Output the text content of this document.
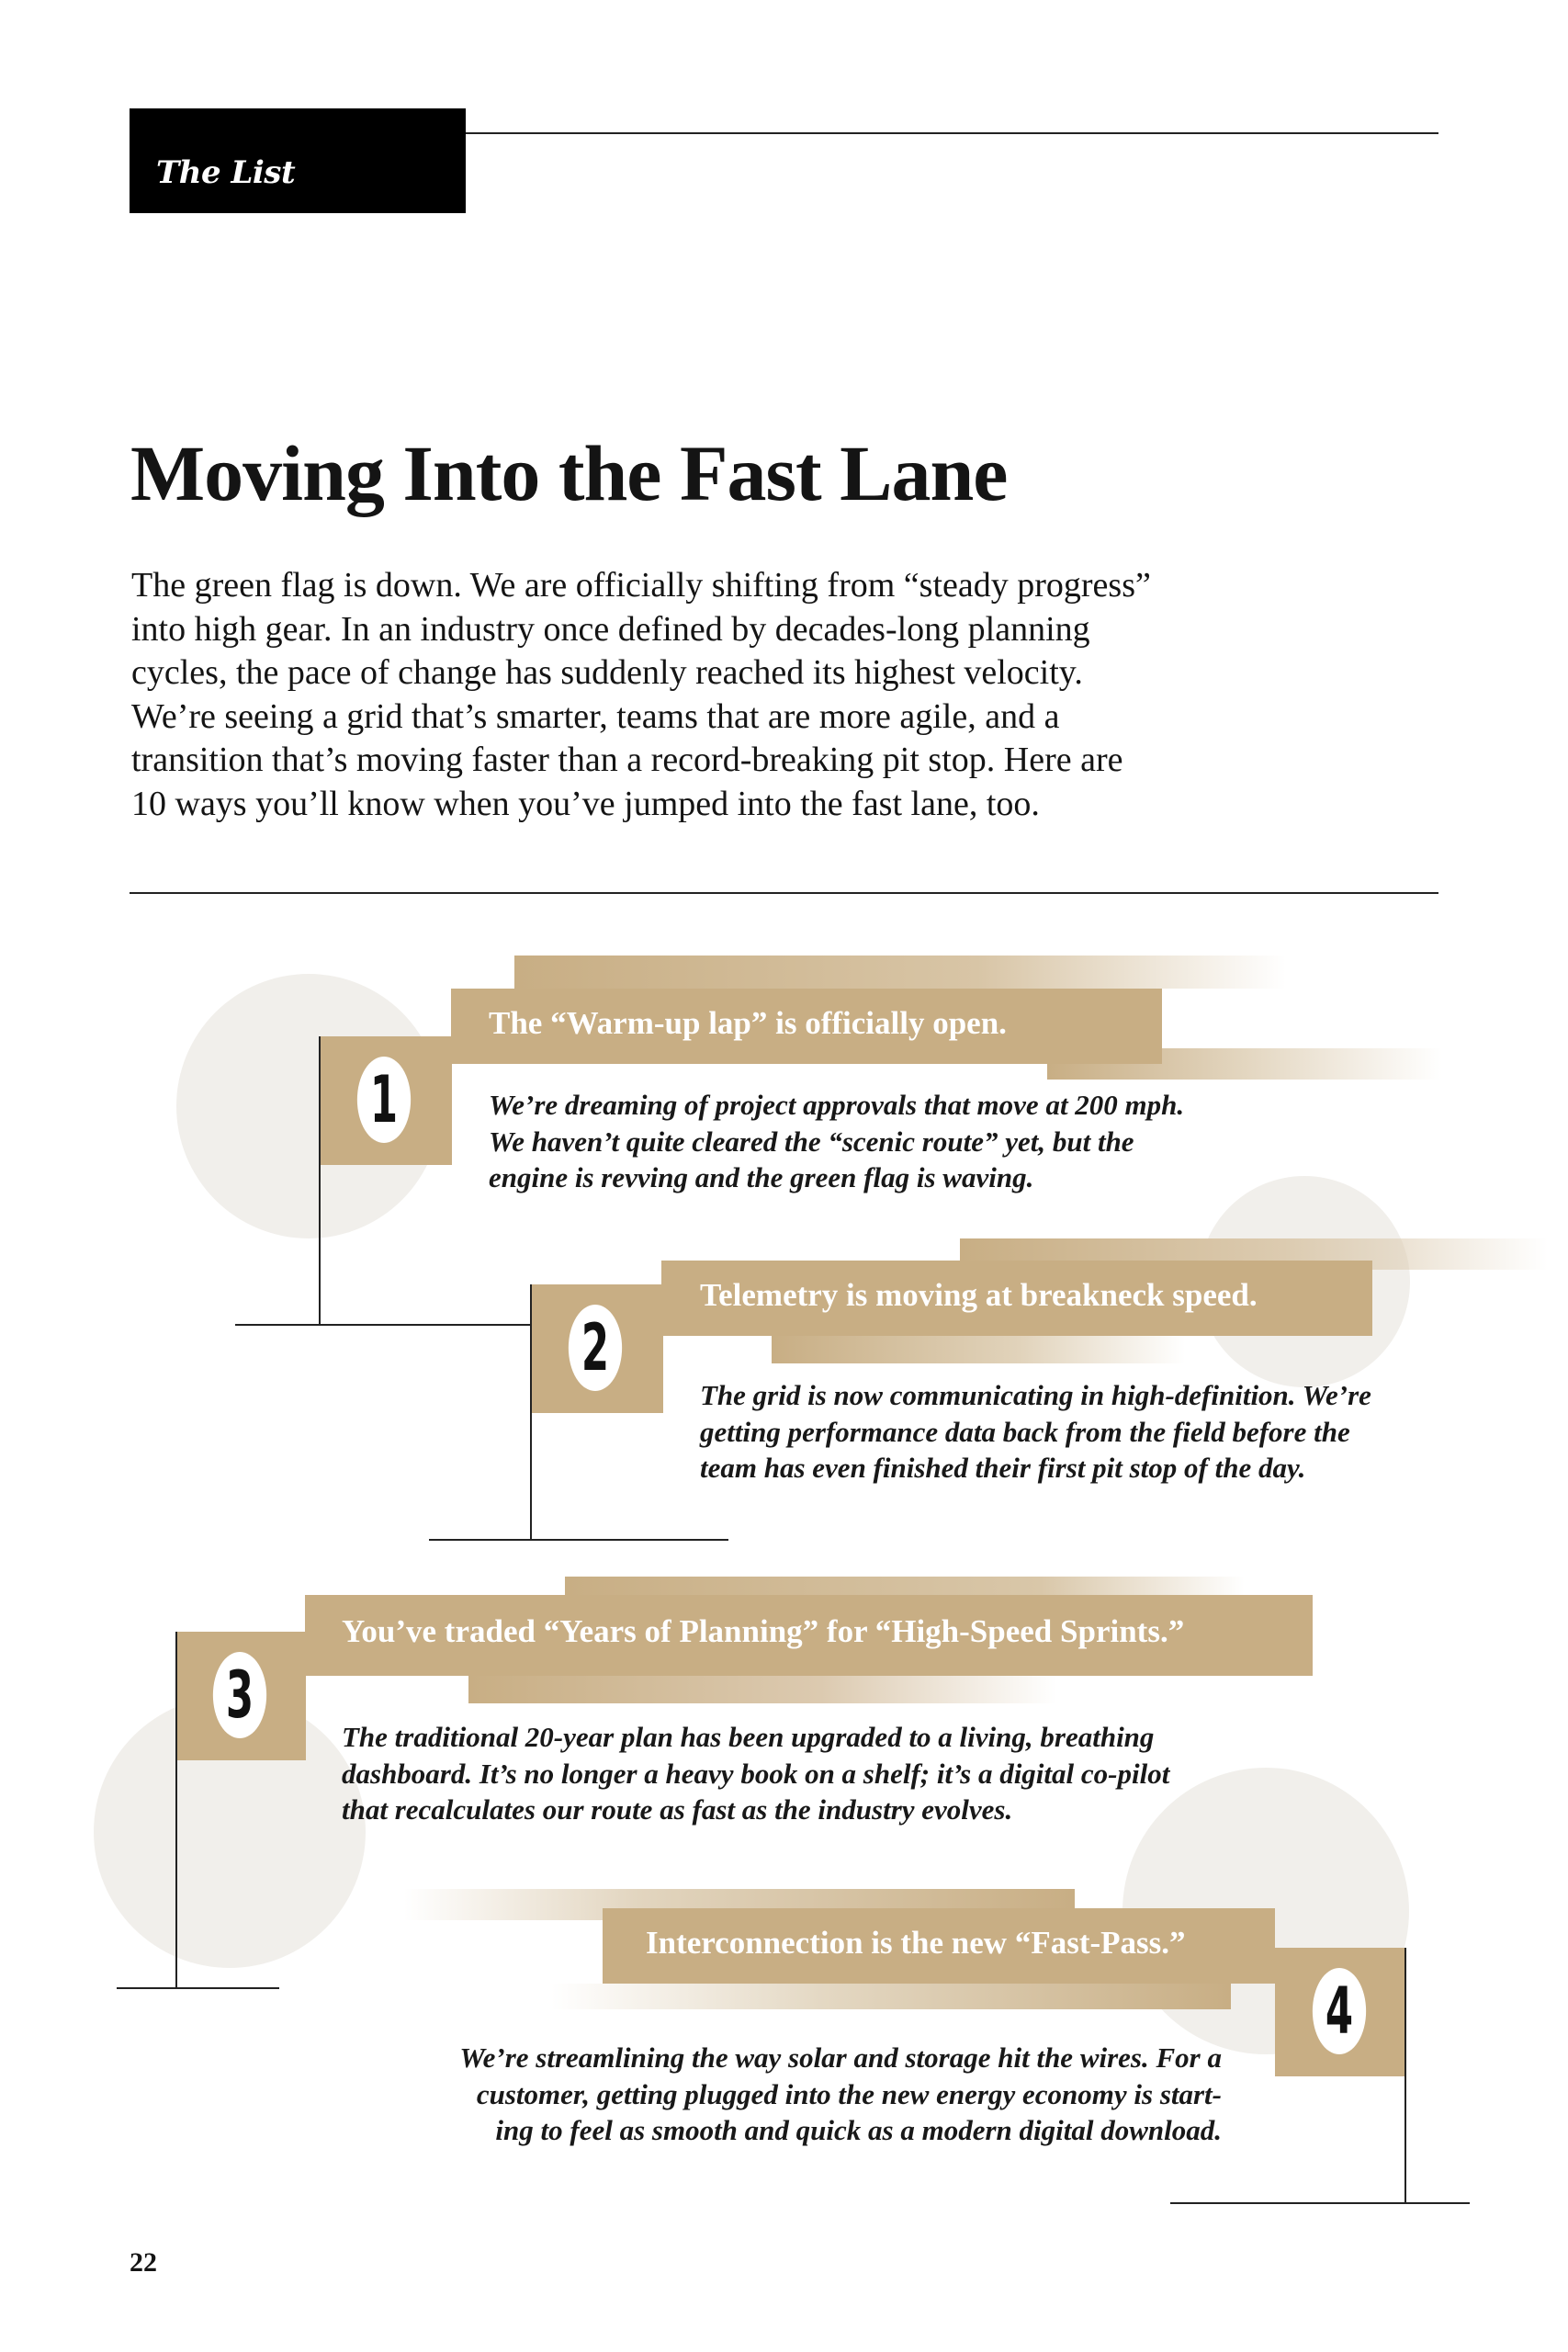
The List
Moving Into the Fast Lane
The green flag is down. We are officially shifting from “steady progress”
into high gear. In an industry once defined by decades-long planning
cycles, the pace of change has suddenly reached its highest velocity.
We’re seeing a grid that’s smarter, teams that are more agile, and a
transition that’s moving faster than a record-breaking pit stop. Here are
10 ways you’ll know when you’ve jumped into the fast lane, too.
The “Warm-up lap” is officially open.
1	We’re dreaming of project approvals that move at 200 mph.
We haven’t quite cleared the “scenic route” yet, but the
engine is revving and the green flag is waving.
Telemetry is moving at breakneck speed.
2
The grid is now communicating in high-definition. We’re
getting performance data back from the field before the
team has even finished their first pit stop of the day.
You’ve traded “Years of Planning” for “High-Speed Sprints.”
3
The traditional 20-year plan has been upgraded to a living, breathing
dashboard. It’s no longer a heavy book on a shelf; it’s a digital co-pilot
that recalculates our route as fast as the industry evolves.
Interconnection is the new “Fast-Pass.”
4
We’re streamlining the way solar and storage hit the wires. For a
customer, getting plugged into the new energy economy is start-
ing to feel as smooth and quick as a modern digital download.
22
